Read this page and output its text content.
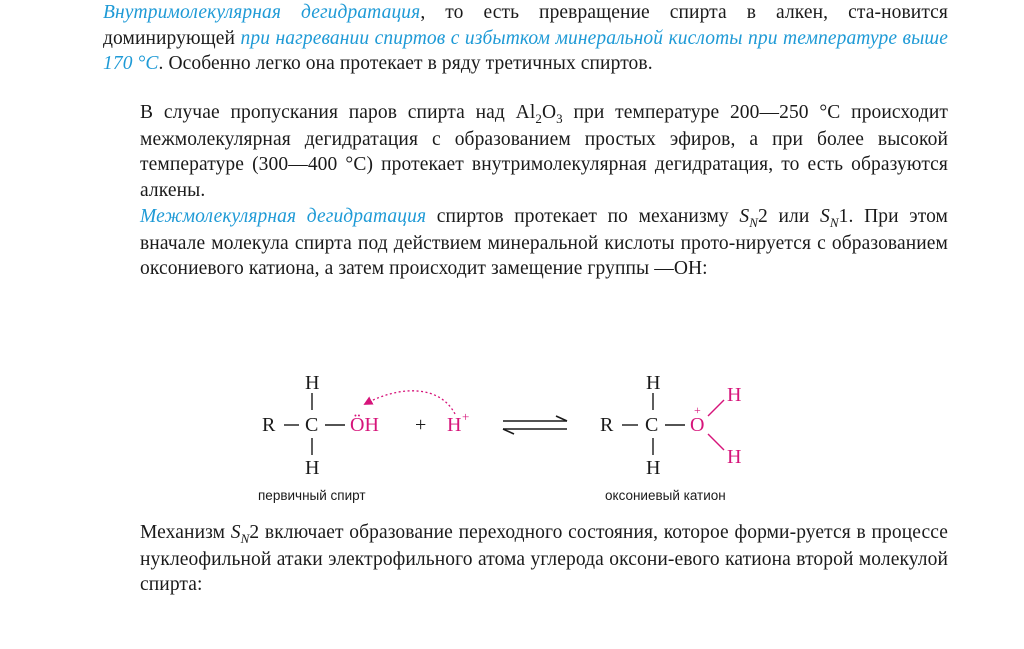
Внутримолекулярная дегидратация, то есть превращение спирта в алкен, ста-новится доминирующей при нагревании спиртов с избытком минеральной кислоты при температуре выше 170 °С. Особенно легко она протекает в ряду третичных спиртов.
В случае пропускания паров спирта над $Al_2O_3$ при температуре 200—250 °С происходит межмолекулярная дегидратация с образованием простых эфиров, а при более высокой температуре (300—400 °С) протекает внутримолекулярная дегидратация, то есть образуются алкены.
Межмолекулярная дегидратация спиртов протекает по механизму $S_N2$ или $S_N1$. При этом вначале молекула спирта под действием минеральной кислоты прото-нируется с образованием оксониевого катиона, а затем происходит замещение группы —ОН:
R C
H
H
ÖH + H +	R C
H
H
O
+
H
H
первичный спирт	оксониевый катион
Механизм $S_N2$ включает образование переходного состояния, которое форми-руется в процессе нуклеофильной атаки электрофильного атома углерода оксони-евого катиона второй молекулой спирта:
